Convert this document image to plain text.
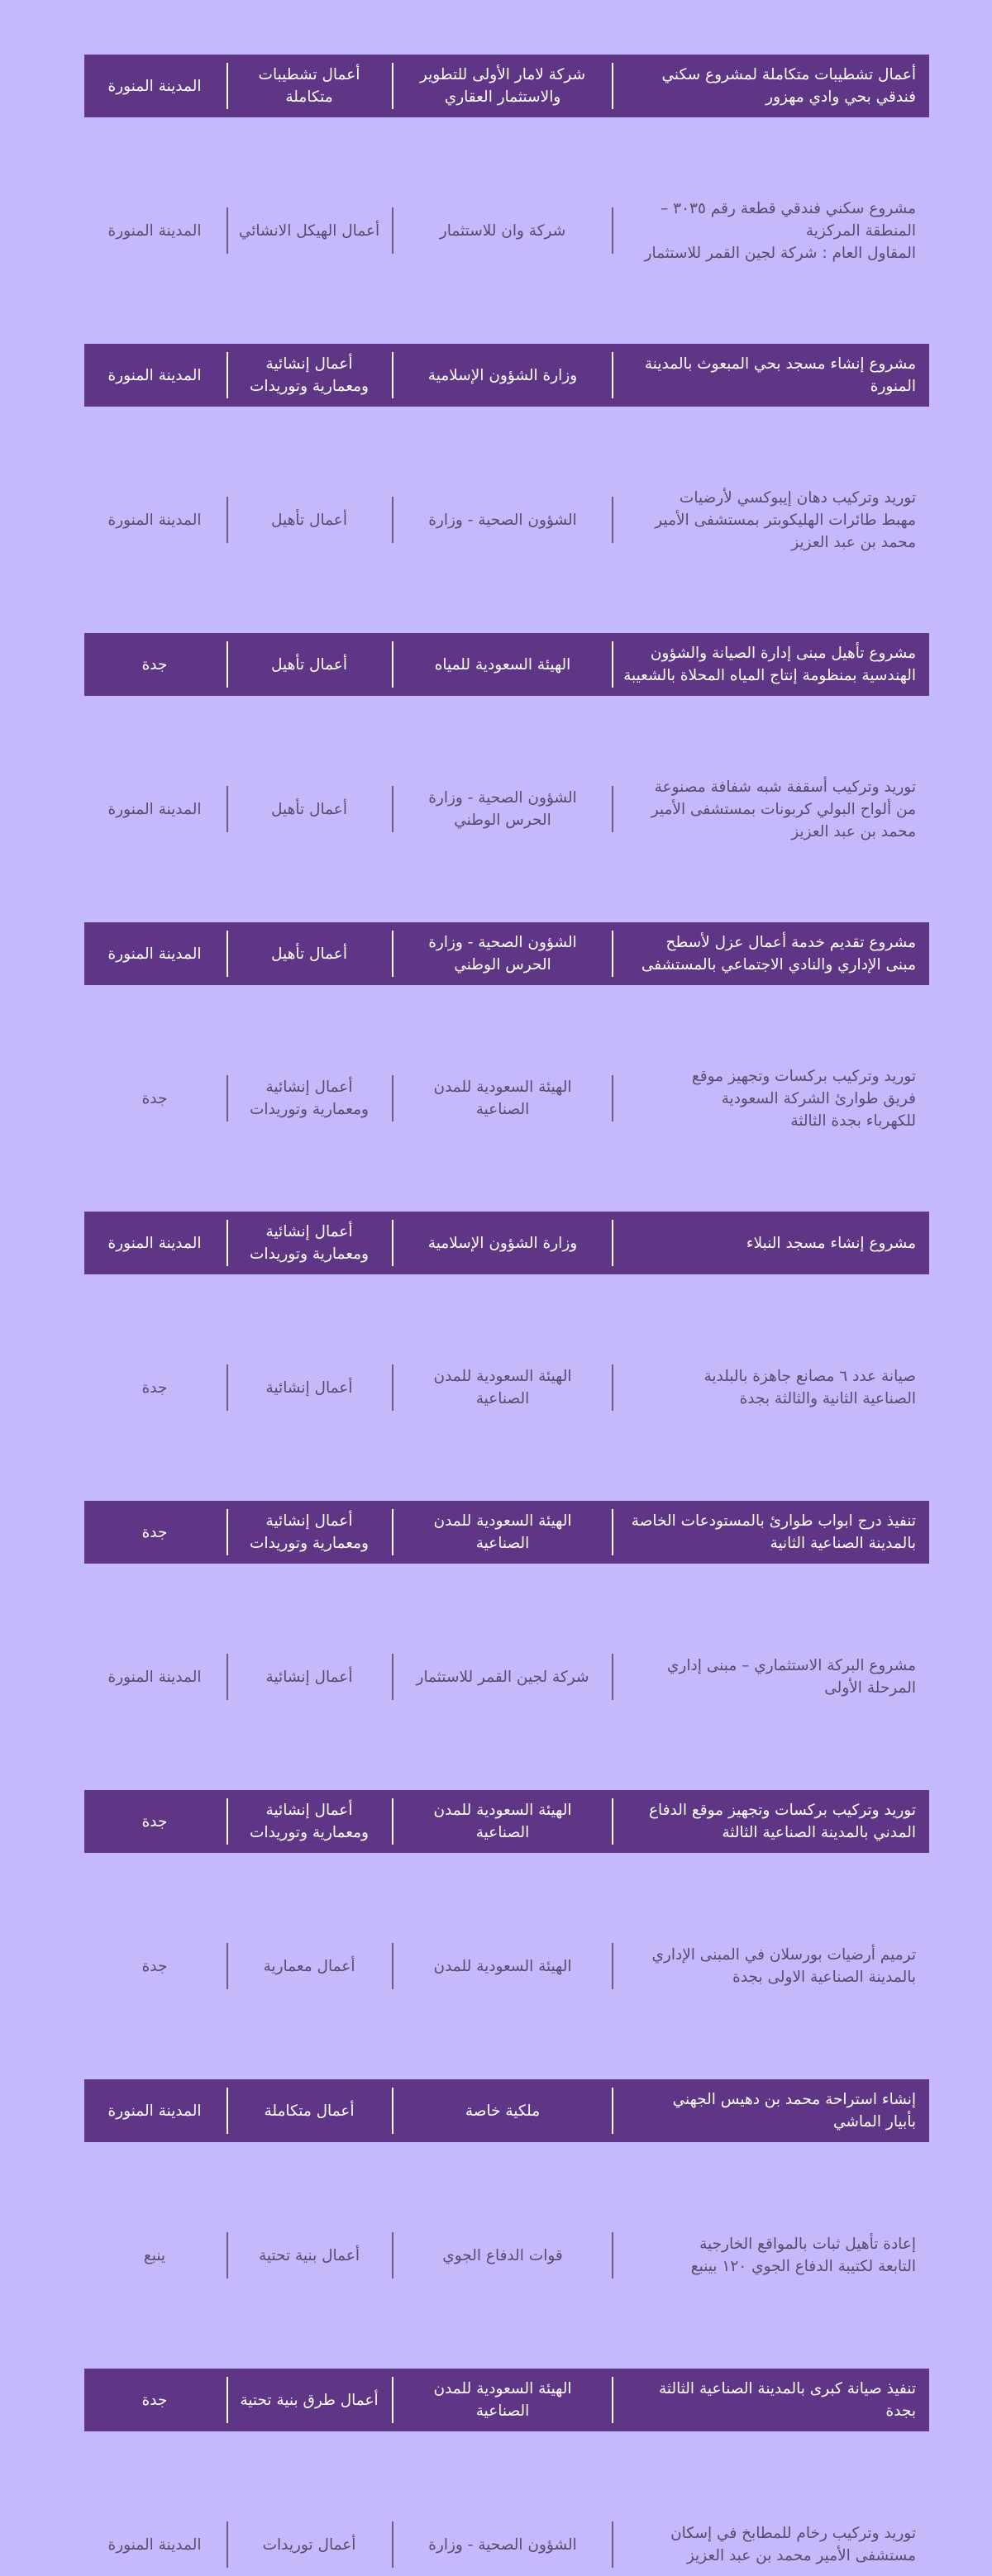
أعمال تشطيبات متكاملة لمشروع سكني
فندقي بحي وادي مهزور
شركة لامار الأولى للتطوير
والاستثمار العقاري
أعمال تشطيبات متكاملة
المدينة المنورة
مشروع سكني فندقي قطعة رقم ٣٠٣٥ –
المنطقة المركزية
المقاول العام : شركة لجين القمر للاستثمار
شركة وان للاستثمار
أعمال الهيكل الانشائي
المدينة المنورة
مشروع إنشاء مسجد بحي المبعوث بالمدينة
المنورة
وزارة الشؤون الإسلامية
أعمال إنشائية
ومعمارية وتوريدات
المدينة المنورة
توريد وتركيب دهان إيبوكسي لأرضيات
مهبط طائرات الهليكوبتر بمستشفى الأمير
محمد بن عبد العزيز
الشؤون الصحية - وزارة
أعمال تأهيل
المدينة المنورة
مشروع تأهيل مبنى إدارة الصيانة والشؤون
الهندسية بمنظومة إنتاج المياه المحلاة بالشعيبة
الهيئة السعودية للمياه
أعمال تأهيل
جدة
توريد وتركيب أسقفة شبه شفافة مصنوعة
من ألواح البولي كربونات بمستشفى الأمير
محمد بن عبد العزيز
الشؤون الصحية - وزارة
الحرس الوطني
أعمال تأهيل
المدينة المنورة
مشروع تقديم خدمة أعمال عزل لأسطح
مبنى الإداري والنادي الاجتماعي بالمستشفى
الشؤون الصحية - وزارة
الحرس الوطني
أعمال تأهيل
المدينة المنورة
توريد وتركيب بركسات وتجهيز موقع
فريق طوارئ الشركة السعودية
للكهرباء بجدة الثالثة
الهيئة السعودية للمدن
الصناعية
أعمال إنشائية
ومعمارية وتوريدات
جدة
مشروع إنشاء مسجد النبلاء
وزارة الشؤون الإسلامية
أعمال إنشائية
ومعمارية وتوريدات
المدينة المنورة
صيانة عدد ٦ مصانع جاهزة بالبلدية
الصناعية الثانية والثالثة بجدة
الهيئة السعودية للمدن
الصناعية
أعمال إنشائية
جدة
تنفيذ درج ابواب طوارئ بالمستودعات الخاصة
بالمدينة الصناعية الثانية
الهيئة السعودية للمدن
الصناعية
أعمال إنشائية
ومعمارية وتوريدات
جدة
مشروع البركة الاستثماري – مبنى إداري
المرحلة الأولى
شركة لجين القمر للاستثمار
أعمال إنشائية
المدينة المنورة
توريد وتركيب بركسات وتجهيز موقع الدفاع
المدني بالمدينة الصناعية الثالثة
الهيئة السعودية للمدن
الصناعية
أعمال إنشائية
ومعمارية وتوريدات
جدة
ترميم أرضيات بورسلان في المبنى الإداري
بالمدينة الصناعية الاولى بجدة
الهيئة السعودية للمدن
أعمال معمارية
جدة
إنشاء استراحة محمد بن دهيس الجهني
بأبيار الماشي
ملكية خاصة
أعمال متكاملة
المدينة المنورة
إعادة تأهيل ثبات بالمواقع الخارجية
التابعة لكتيبة الدفاع الجوي ١٢٠ بينبع
قوات الدفاع الجوي
أعمال بنية تحتية
ينبع
تنفيذ صيانة كبرى بالمدينة الصناعية الثالثة
بجدة
الهيئة السعودية للمدن
الصناعية
أعمال طرق بنية تحتية
جدة
توريد وتركيب رخام للمطابخ في إسكان
مستشفى الأمير محمد بن عبد العزيز
الشؤون الصحية - وزارة
أعمال توريدات
المدينة المنورة
